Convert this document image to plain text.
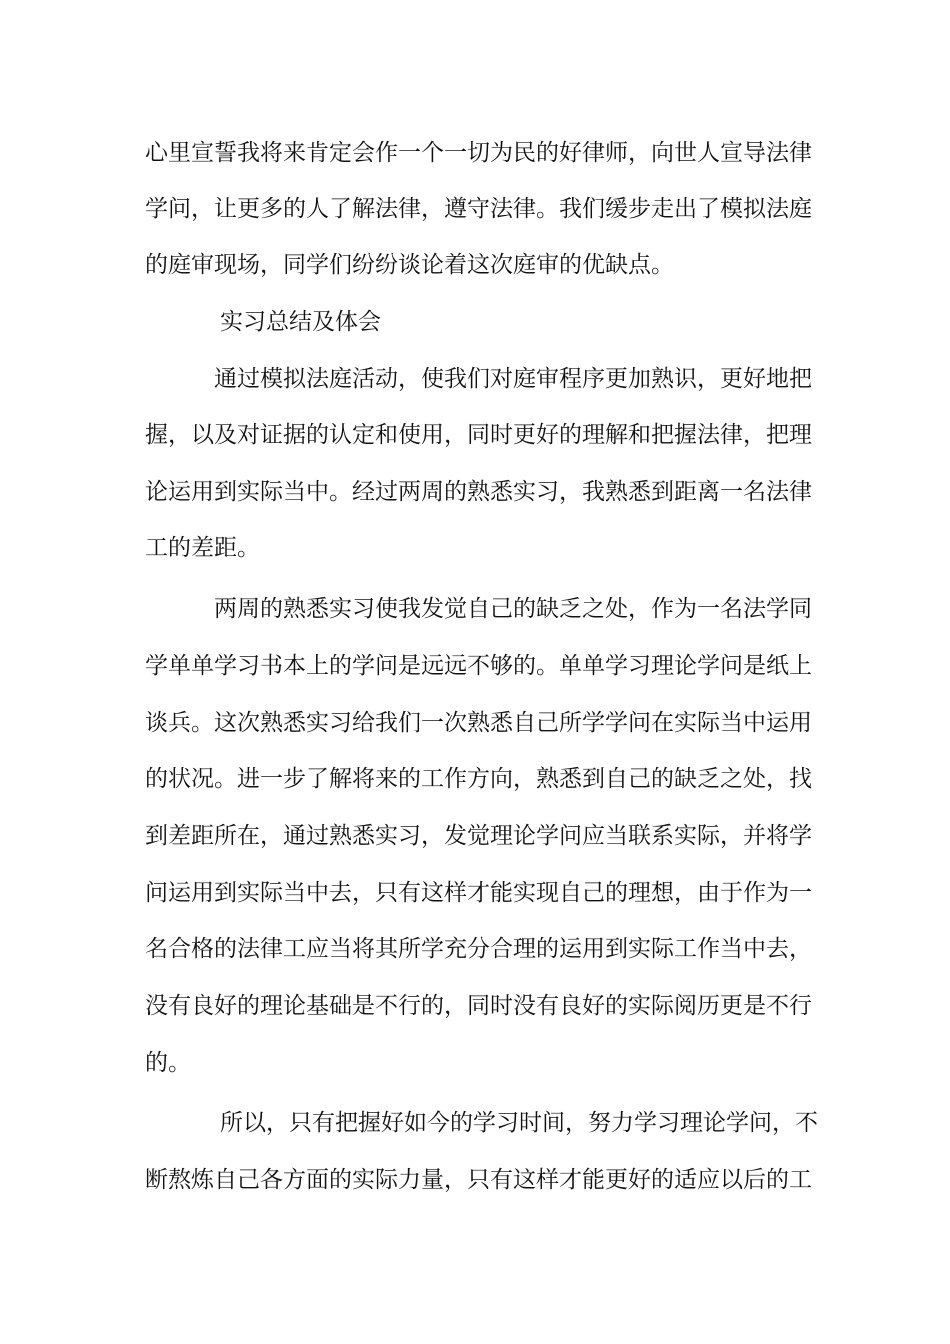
心里宣誓我将来肯定会作一个一切为民的好律师，向世人宣导法律
学问，让更多的人了解法律，遵守法律。我们缓步走出了模拟法庭
的庭审现场，同学们纷纷谈论着这次庭审的优缺点。
实习总结及体会
通过模拟法庭活动，使我们对庭审程序更加熟识，更好地把
握，以及对证据的认定和使用，同时更好的理解和把握法律，把理
论运用到实际当中。经过两周的熟悉实习，我熟悉到距离一名法律
工的差距。
两周的熟悉实习使我发觉自己的缺乏之处，作为一名法学同
学单单学习书本上的学问是远远不够的。单单学习理论学问是纸上
谈兵。这次熟悉实习给我们一次熟悉自己所学学问在实际当中运用
的状况。进一步了解将来的工作方向，熟悉到自己的缺乏之处，找
到差距所在，通过熟悉实习，发觉理论学问应当联系实际，并将学
问运用到实际当中去，只有这样才能实现自己的理想，由于作为一
名合格的法律工应当将其所学充分合理的运用到实际工作当中去，
没有良好的理论基础是不行的，同时没有良好的实际阅历更是不行
的。
所以，只有把握好如今的学习时间，努力学习理论学问，不
断熬炼自己各方面的实际力量，只有这样才能更好的适应以后的工
